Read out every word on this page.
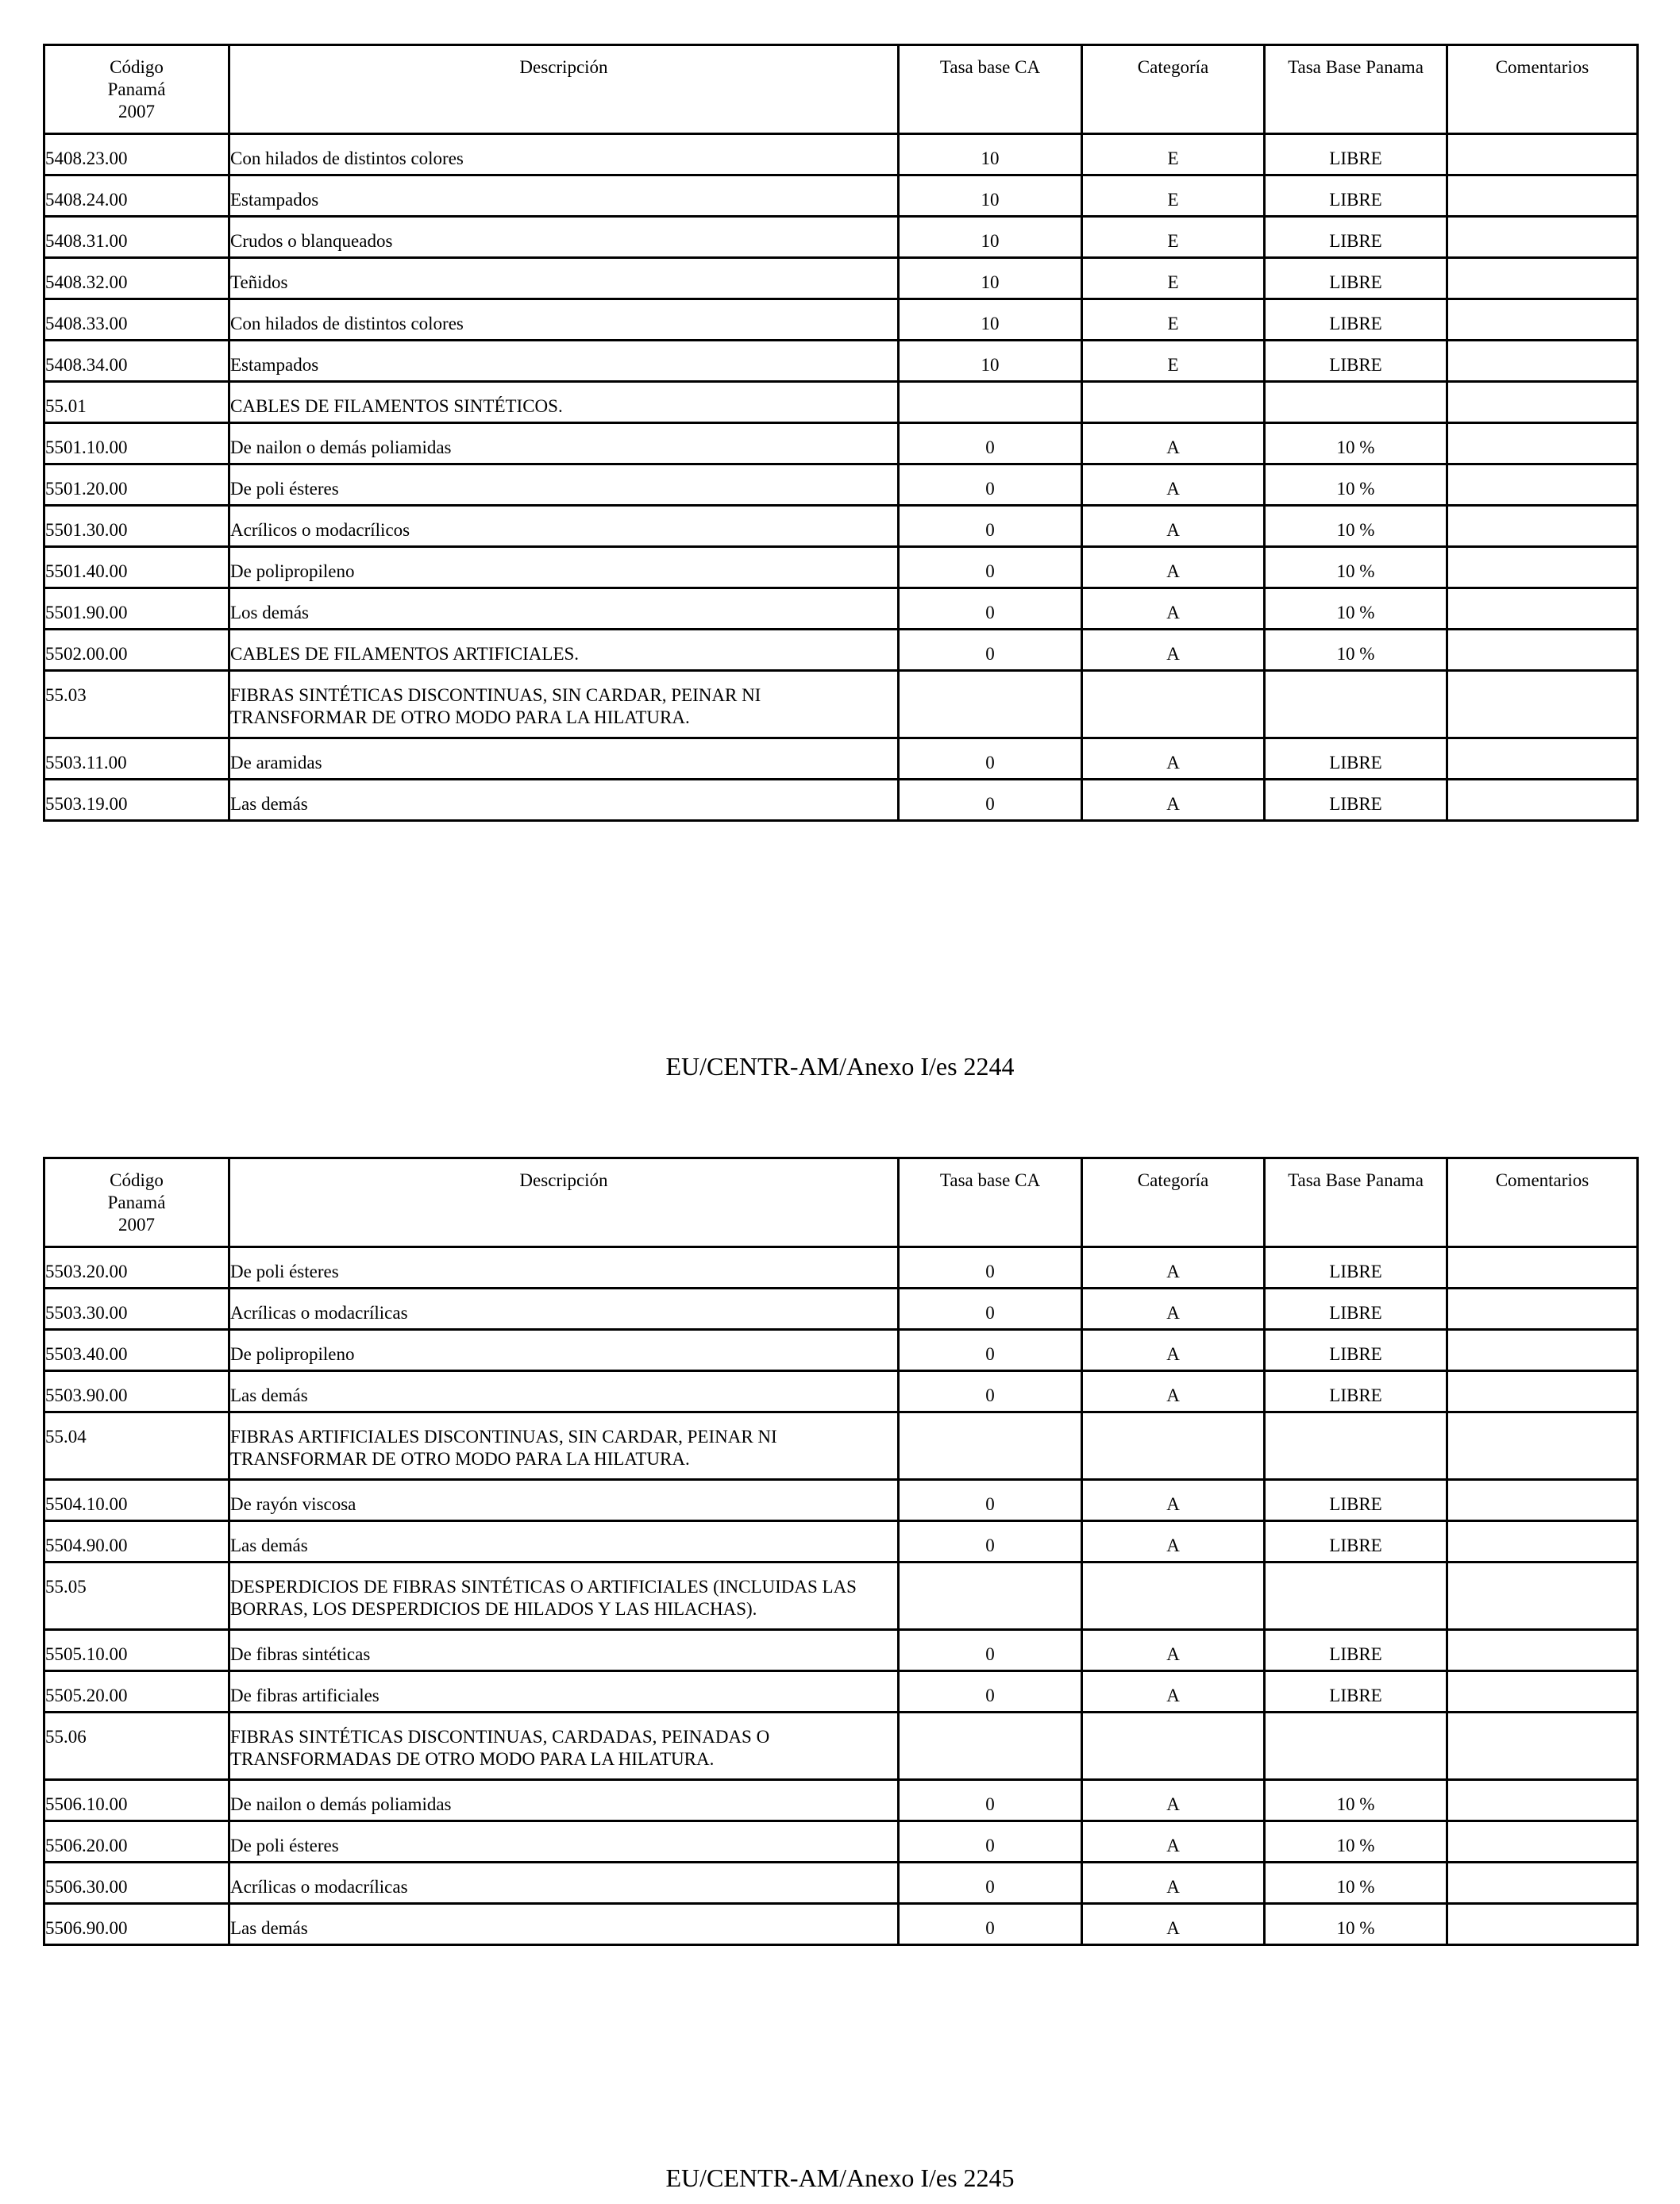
Código
Panamá
2007	Descripción	Tasa base CA	Categoría	Tasa Base Panama	Comentarios
5408.23.00	Con hilados de distintos colores	10	E	LIBRE	
5408.24.00	Estampados	10	E	LIBRE	
5408.31.00	Crudos o blanqueados	10	E	LIBRE	
5408.32.00	Teñidos	10	E	LIBRE	
5408.33.00	Con hilados de distintos colores	10	E	LIBRE	
5408.34.00	Estampados	10	E	LIBRE	
55.01	CABLES DE FILAMENTOS SINTÉTICOS.				
5501.10.00	De nailon o demás poliamidas	0	A	10 %	
5501.20.00	De poli ésteres	0	A	10 %	
5501.30.00	Acrílicos o modacrílicos	0	A	10 %	
5501.40.00	De polipropileno	0	A	10 %	
5501.90.00	Los demás	0	A	10 %	
5502.00.00	CABLES DE FILAMENTOS ARTIFICIALES.	0	A	10 %	
55.03	FIBRAS SINTÉTICAS DISCONTINUAS, SIN CARDAR, PEINAR NI TRANSFORMAR DE OTRO MODO PARA LA HILATURA.				
5503.11.00	De aramidas	0	A	LIBRE	
5503.19.00	Las demás	0	A	LIBRE	
EU/CENTR-AM/Anexo I/es 2244
Código
Panamá
2007	Descripción	Tasa base CA	Categoría	Tasa Base Panama	Comentarios
5503.20.00	De poli ésteres	0	A	LIBRE	
5503.30.00	Acrílicas o modacrílicas	0	A	LIBRE	
5503.40.00	De polipropileno	0	A	LIBRE	
5503.90.00	Las demás	0	A	LIBRE	
55.04	FIBRAS ARTIFICIALES DISCONTINUAS, SIN CARDAR, PEINAR NI TRANSFORMAR DE OTRO MODO PARA LA HILATURA.				
5504.10.00	De rayón viscosa	0	A	LIBRE	
5504.90.00	Las demás	0	A	LIBRE	
55.05	DESPERDICIOS DE FIBRAS SINTÉTICAS O ARTIFICIALES (INCLUIDAS LAS BORRAS, LOS DESPERDICIOS DE HILADOS Y LAS HILACHAS).				
5505.10.00	De fibras sintéticas	0	A	LIBRE	
5505.20.00	De fibras artificiales	0	A	LIBRE	
55.06	FIBRAS SINTÉTICAS DISCONTINUAS, CARDADAS, PEINADAS O TRANSFORMADAS DE OTRO MODO PARA LA HILATURA.				
5506.10.00	De nailon o demás poliamidas	0	A	10 %	
5506.20.00	De poli ésteres	0	A	10 %	
5506.30.00	Acrílicas o modacrílicas	0	A	10 %	
5506.90.00	Las demás	0	A	10 %	
EU/CENTR-AM/Anexo I/es 2245
